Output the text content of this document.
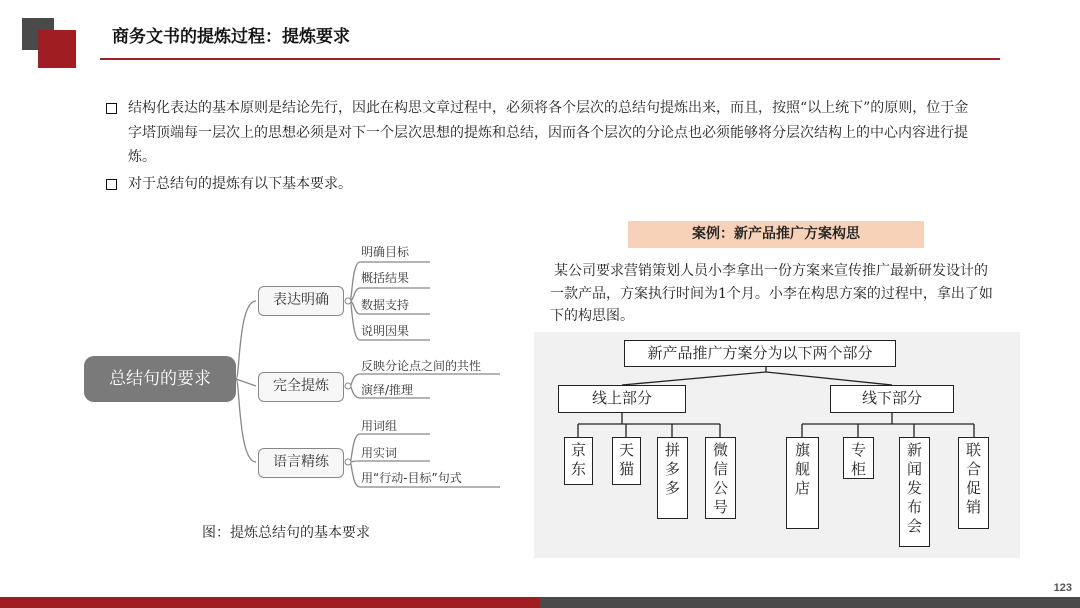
商务文书的提炼过程：提炼要求
结构化表达的基本原则是结论先行，因此在构思文章过程中，必须将各个层次的总结句提炼出来，而且，按照“以上统下”的原则，位于金字塔顶端每一层次上的思想必须是对下一个层次思想的提炼和总结，因而各个层次的分论点也必须能够将分层次结构上的中心内容进行提炼。
对于总结句的提炼有以下基本要求。
总结句的要求
表达明确
完全提炼
语言精练
明确目标
概括结果
数据支持
说明因果
反映分论点之间的共性
演绎/推理
用词组
用实词
用“行动-目标”句式
图：提炼总结句的基本要求
案例：新产品推广方案构思
某公司要求营销策划人员小李拿出一份方案来宣传推广最新研发设计的一款产品，方案执行时间为1个月。小李在构思方案的过程中，拿出了如下的构思图。
新产品推广方案分为以下两个部分
线上部分	线下部分
京东
天猫
拼多多
微信公号
旗舰店
专柜
新闻发布会
联合促销
123
